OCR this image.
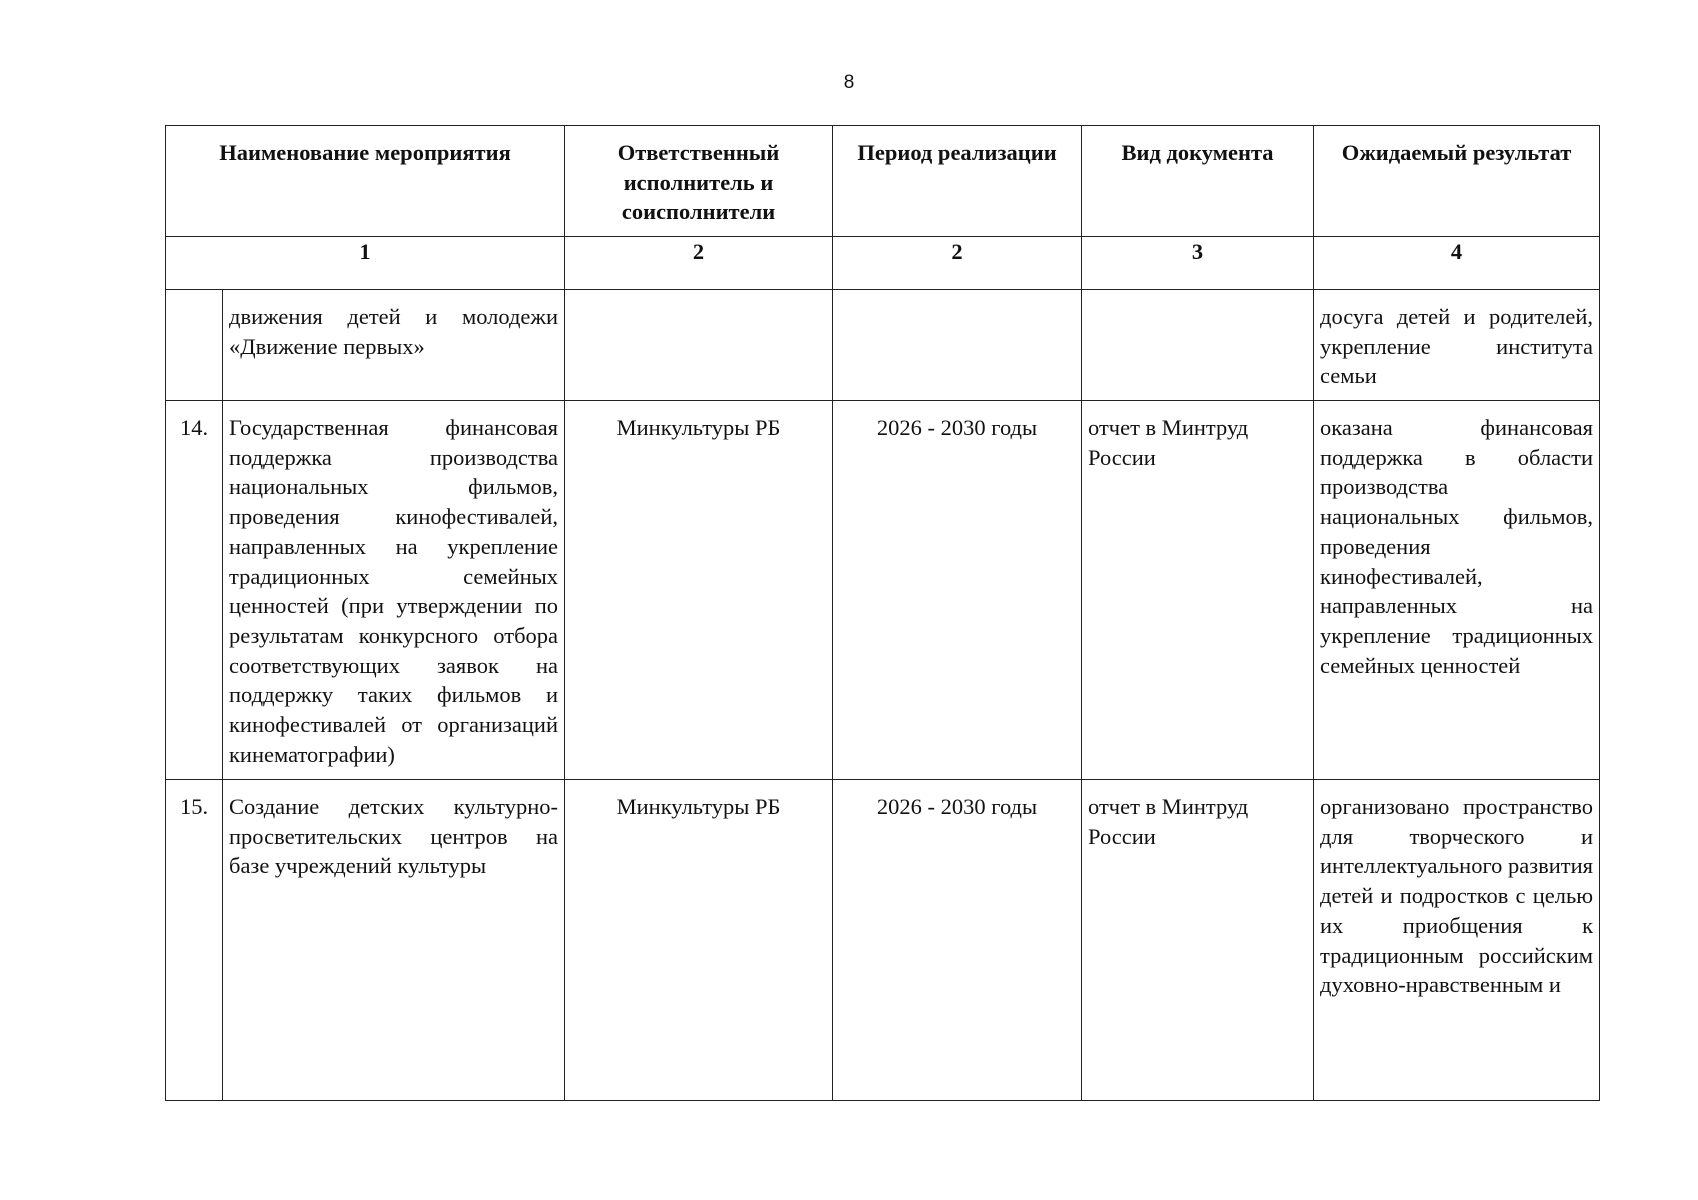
8
Наименование мероприятия		Ответственный исполнитель и соисполнители	Период реализации	Вид документа	Ожидаемый результат
1		2	2	3	4
	движения детей и молодежи «Движение первых»				досуга детей и родителей, укрепление института семьи
14.	Государственная финансовая поддержка производства национальных фильмов, проведения кинофестивалей, направленных на укрепление традиционных семейных ценностей (при утверждении по результатам конкурсного отбора соответствующих заявок на поддержку таких фильмов и кинофестивалей от организаций кинематографии)	Минкультуры РБ	2026 - 2030 годы	отчет в Минтруд России	оказана финансовая поддержка в области производства национальных фильмов, проведения кинофестивалей, направленных на укрепление традиционных семейных ценностей
15.	Создание детских культурно-просветительских центров на базе учреждений культуры	Минкультуры РБ	2026 - 2030 годы	отчет в Минтруд России	организовано пространство для творческого и интеллектуального развития детей и подростков с целью их приобщения к традиционным российским духовно-нравственным и
